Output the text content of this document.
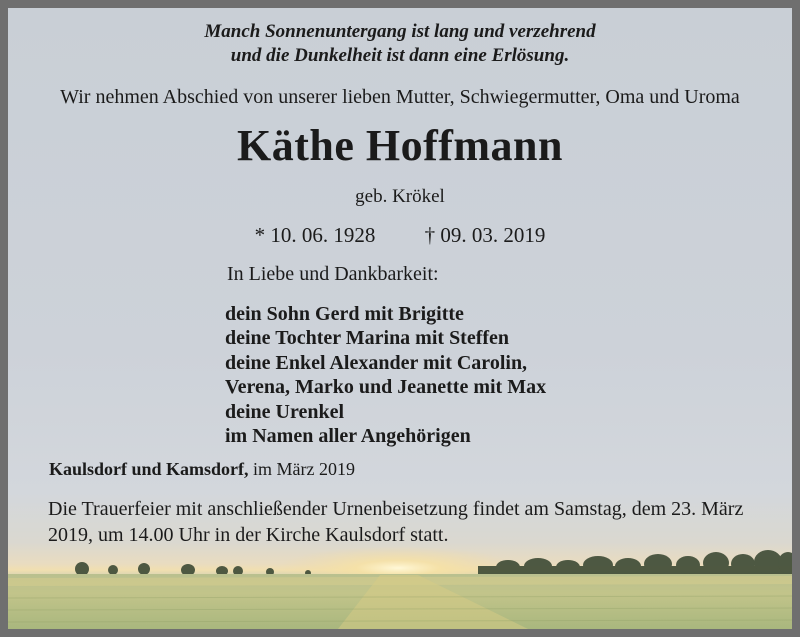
Manch Sonnenuntergang ist lang und verzehrend
und die Dunkelheit ist dann eine Erlösung.
Wir nehmen Abschied von unserer lieben Mutter, Schwiegermutter, Oma und Uroma
Käthe Hoffmann
geb. Krökel
* 10. 06. 1928 † 09. 03. 2019
In Liebe und Dankbarkeit:
dein Sohn Gerd mit Brigitte
deine Tochter Marina mit Steffen
deine Enkel Alexander mit Carolin,
Verena, Marko und Jeanette mit Max
deine Urenkel
im Namen aller Angehörigen
Kaulsdorf und Kamsdorf, im März 2019
Die Trauerfeier mit anschließender Urnenbeisetzung findet am Samstag, dem 23. März
2019, um 14.00 Uhr in der Kirche Kaulsdorf statt.
